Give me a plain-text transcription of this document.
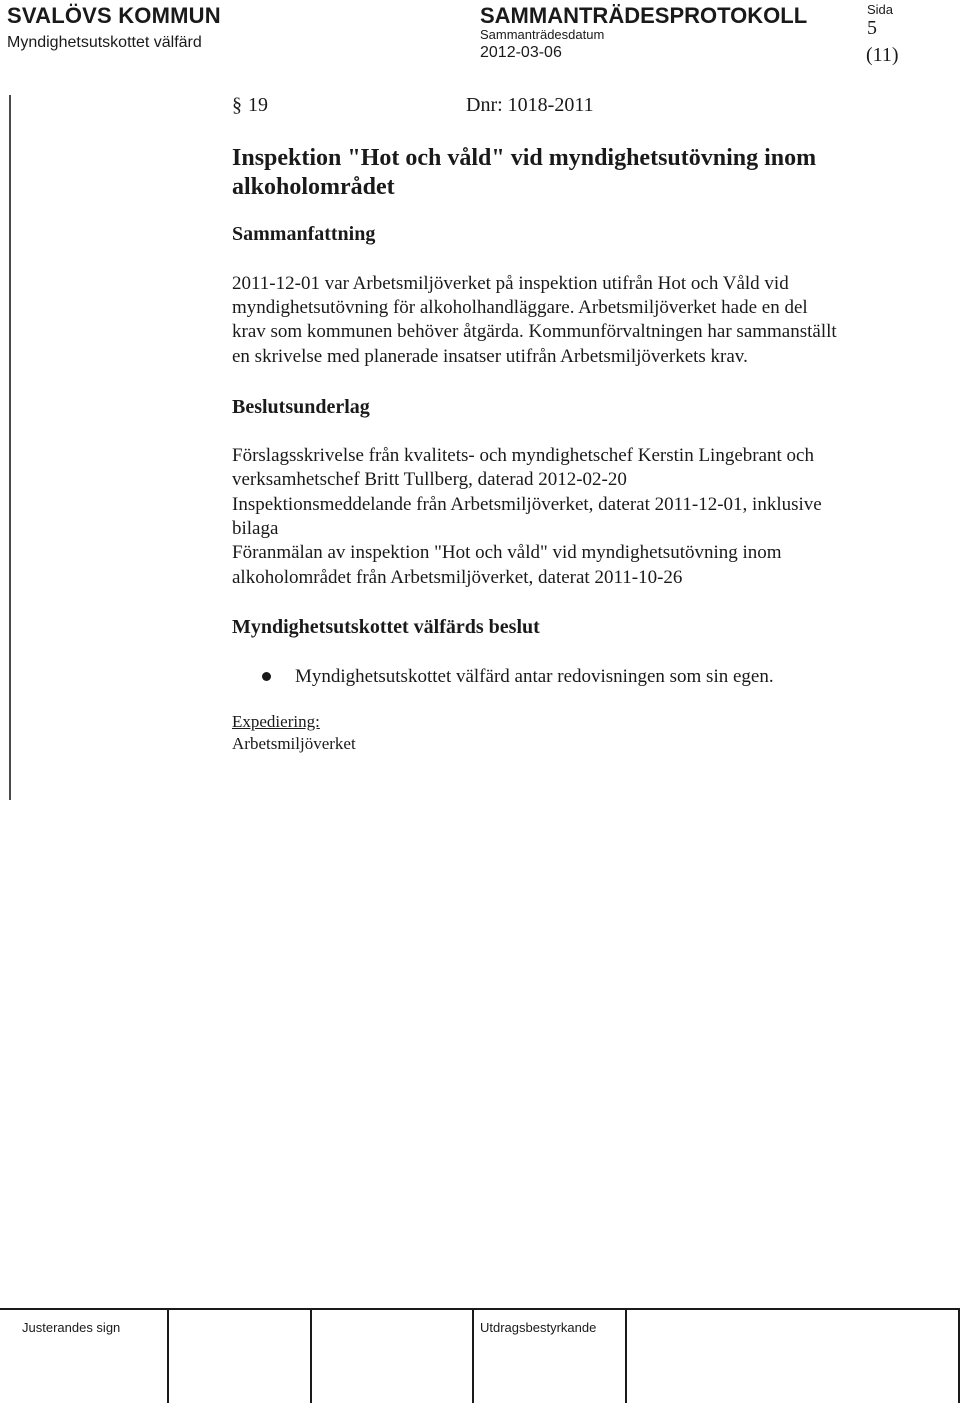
SVALÖVS KOMMUN
Myndighetsutskottet välfärd
SAMMANTRÄDESPROTOKOLL
Sammanträdesdatum
2012-03-06
Sida
5
(11)
§ 19	Dnr: 1018-2011
Inspektion "Hot och våld" vid myndighetsutövning inom alkoholområdet
Sammanfattning
2011-12-01 var Arbetsmiljöverket på inspektion utifrån Hot och Våld vid
myndighetsutövning för alkoholhandläggare. Arbetsmiljöverket hade en del
krav som kommunen behöver åtgärda. Kommunförvaltningen har sammanställt
en skrivelse med planerade insatser utifrån Arbetsmiljöverkets krav.
Beslutsunderlag
Förslagsskrivelse från kvalitets- och myndighetschef Kerstin Lingebrant och
verksamhetschef Britt Tullberg, daterad 2012-02-20
Inspektionsmeddelande från Arbetsmiljöverket, daterat 2011-12-01, inklusive
bilaga
Föranmälan av inspektion "Hot och våld" vid myndighetsutövning inom
alkoholområdet från Arbetsmiljöverket, daterat 2011-10-26
Myndighetsutskottet välfärds beslut
Myndighetsutskottet välfärd antar redovisningen som sin egen.
Expediering:
Arbetsmiljöverket
Justerandes sign	Utdragsbestyrkande
